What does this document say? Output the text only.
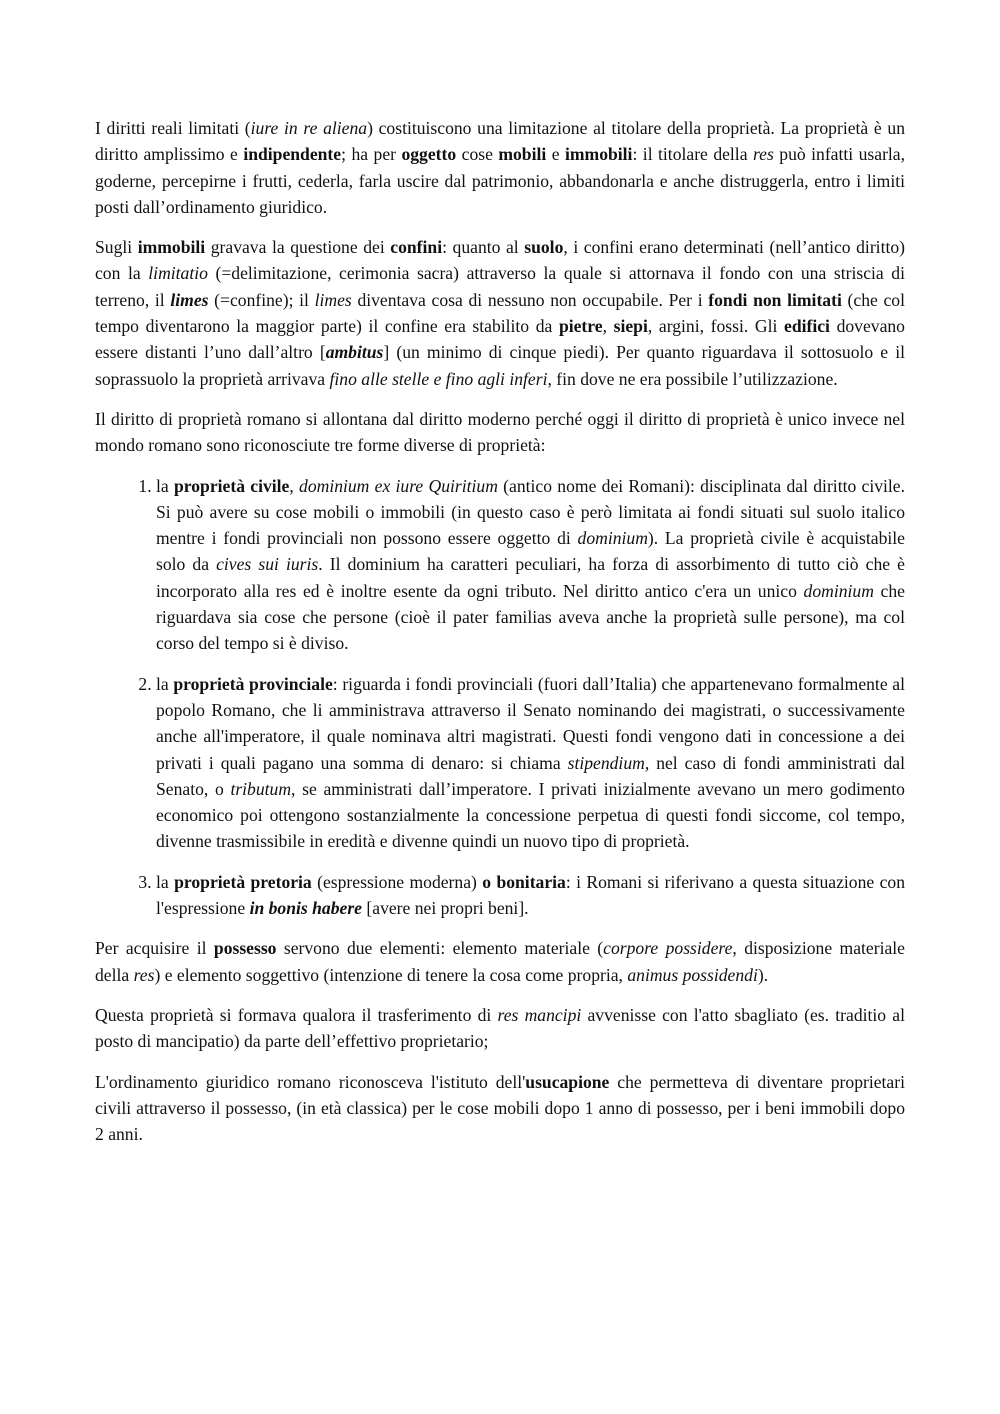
I diritti reali limitati (iure in re aliena) costituiscono una limitazione al titolare della proprietà. La proprietà è un diritto amplissimo e indipendente; ha per oggetto cose mobili e immobili: il titolare della res può infatti usarla, goderne, percepirne i frutti, cederla, farla uscire dal patrimonio, abbandonarla e anche distruggerla, entro i limiti posti dall’ordinamento giuridico.

Sugli immobili gravava la questione dei confini: quanto al suolo, i confini erano determinati (nell’antico diritto) con la limitatio (=delimitazione, cerimonia sacra) attraverso la quale si attornava il fondo con una striscia di terreno, il limes (=confine); il limes diventava cosa di nessuno non occupabile. Per i fondi non limitati (che col tempo diventarono la maggior parte) il confine era stabilito da pietre, siepi, argini, fossi. Gli edifici dovevano essere distanti l’uno dall’altro [ambitus] (un minimo di cinque piedi). Per quanto riguardava il sottosuolo e il soprassuolo la proprietà arrivava fino alle stelle e fino agli inferi, fin dove ne era possibile l’utilizzazione.

Il diritto di proprietà romano si allontana dal diritto moderno perché oggi il diritto di proprietà è unico invece nel mondo romano sono riconosciute tre forme diverse di proprietà:

1. la proprietà civile, dominium ex iure Quiritium (antico nome dei Romani): disciplinata dal diritto civile. Si può avere su cose mobili o immobili (in questo caso è però limitata ai fondi situati sul suolo italico mentre i fondi provinciali non possono essere oggetto di dominium). La proprietà civile è acquistabile solo da cives sui iuris. Il dominium ha caratteri peculiari, ha forza di assorbimento di tutto ciò che è incorporato alla res ed è inoltre esente da ogni tributo. Nel diritto antico c'era un unico dominium che riguardava sia cose che persone (cioè il pater familias aveva anche la proprietà sulle persone), ma col corso del tempo si è diviso.
2. la proprietà provinciale: riguarda i fondi provinciali (fuori dall’Italia) che appartenevano formalmente al popolo Romano, che li amministrava attraverso il Senato nominando dei magistrati, o successivamente anche all'imperatore, il quale nominava altri magistrati. Questi fondi vengono dati in concessione a dei privati i quali pagano una somma di denaro: si chiama stipendium, nel caso di fondi amministrati dal Senato, o tributum, se amministrati dall’imperatore. I privati inizialmente avevano un mero godimento economico poi ottengono sostanzialmente la concessione perpetua di questi fondi siccome, col tempo, divenne trasmissibile in eredità e divenne quindi un nuovo tipo di proprietà.
3. la proprietà pretoria (espressione moderna) o bonitaria: i Romani si riferivano a questa situazione con l'espressione in bonis habere [avere nei propri beni].

Per acquisire il possesso servono due elementi: elemento materiale (corpore possidere, disposizione materiale della res) e elemento soggettivo (intenzione di tenere la cosa come propria, animus possidendi).

Questa proprietà si formava qualora il trasferimento di res mancipi avvenisse con l'atto sbagliato (es. traditio al posto di mancipatio) da parte dell’effettivo proprietario;

L'ordinamento giuridico romano riconosceva l'istituto dell'usucapione che permetteva di diventare proprietari civili attraverso il possesso, (in età classica) per le cose mobili dopo 1 anno di possesso, per i beni immobili dopo 2 anni.
